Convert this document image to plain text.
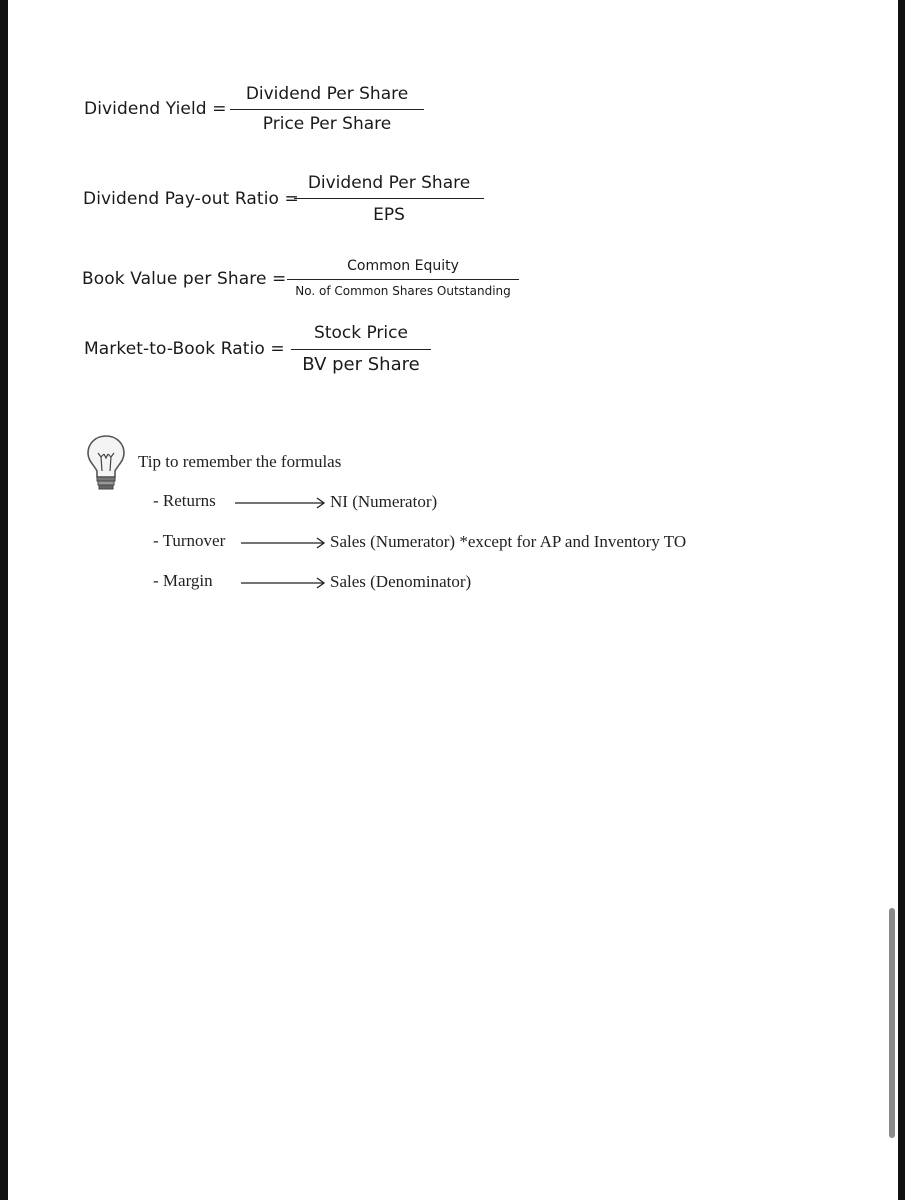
Dividend Yield =
Dividend Per Share
Price Per Share
Dividend Pay-out Ratio =
Dividend Per Share
EPS
Book Value per Share =
Common Equity
No. of Common Shares Outstanding
Market-to-Book Ratio =
Stock Price
BV per Share
Tip to remember the formulas
- Returns	NI (Numerator)
- Turnover	Sales (Numerator) *except for AP and Inventory TO
- Margin	Sales (Denominator)
